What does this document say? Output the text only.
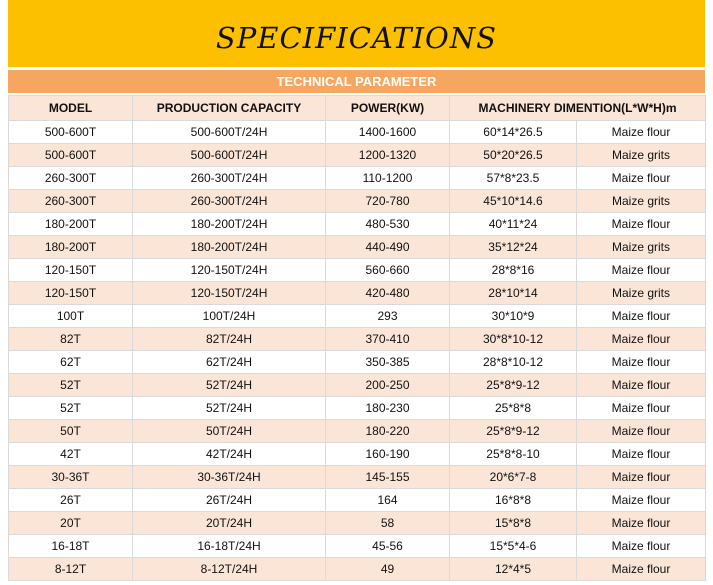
SPECIFICATIONS
TECHNICAL PARAMETER
MODEL	PRODUCTION CAPACITY	POWER(KW)	MACHINERY DIMENTION(L*W*H)m	
500-600T	500-600T/24H	1400-1600	60*14*26.5	Maize flour
500-600T	500-600T/24H	1200-1320	50*20*26.5	Maize grits
260-300T	260-300T/24H	110-1200	57*8*23.5	Maize flour
260-300T	260-300T/24H	720-780	45*10*14.6	Maize grits
180-200T	180-200T/24H	480-530	40*11*24	Maize flour
180-200T	180-200T/24H	440-490	35*12*24	Maize grits
120-150T	120-150T/24H	560-660	28*8*16	Maize flour
120-150T	120-150T/24H	420-480	28*10*14	Maize grits
100T	100T/24H	293	30*10*9	Maize flour
82T	82T/24H	370-410	30*8*10-12	Maize flour
62T	62T/24H	350-385	28*8*10-12	Maize flour
52T	52T/24H	200-250	25*8*9-12	Maize flour
52T	52T/24H	180-230	25*8*8	Maize flour
50T	50T/24H	180-220	25*8*9-12	Maize flour
42T	42T/24H	160-190	25*8*8-10	Maize flour
30-36T	30-36T/24H	145-155	20*6*7-8	Maize flour
26T	26T/24H	164	16*8*8	Maize flour
20T	20T/24H	58	15*8*8	Maize flour
16-18T	16-18T/24H	45-56	15*5*4-6	Maize flour
8-12T	8-12T/24H	49	12*4*5	Maize flour
